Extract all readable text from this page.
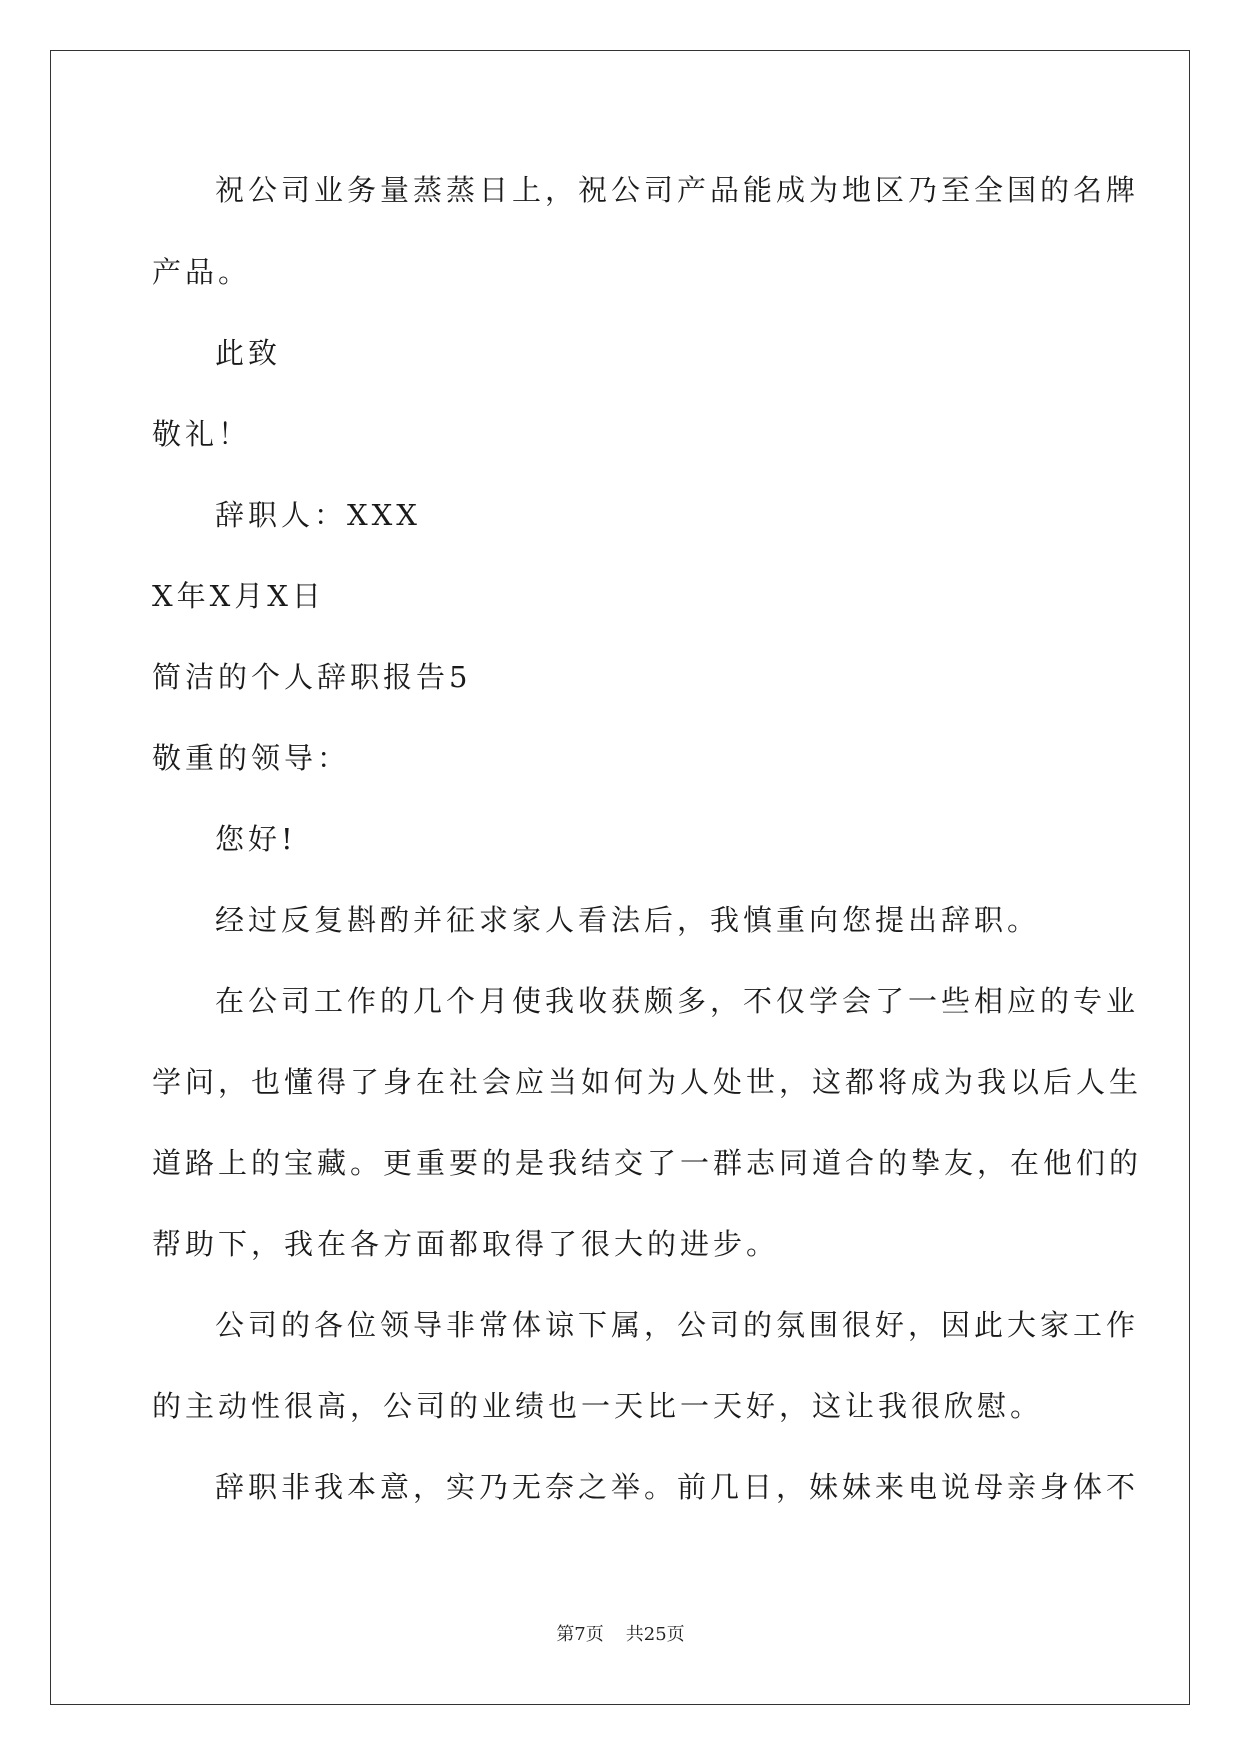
祝公司业务量蒸蒸日上，祝公司产品能成为地区乃至全国的名牌
产品。
此致
敬礼！
辞职人：XXX
X年X月X日
简洁的个人辞职报告5
敬重的领导：
您好!
经过反复斟酌并征求家人看法后，我慎重向您提出辞职。
在公司工作的几个月使我收获颇多，不仅学会了一些相应的专业
学问，也懂得了身在社会应当如何为人处世，这都将成为我以后人生
道路上的宝藏。更重要的是我结交了一群志同道合的挚友，在他们的
帮助下，我在各方面都取得了很大的进步。
公司的各位领导非常体谅下属，公司的氛围很好，因此大家工作
的主动性很高，公司的业绩也一天比一天好，这让我很欣慰。
辞职非我本意，实乃无奈之举。前几日，妹妹来电说母亲身体不
第7页 共25页
